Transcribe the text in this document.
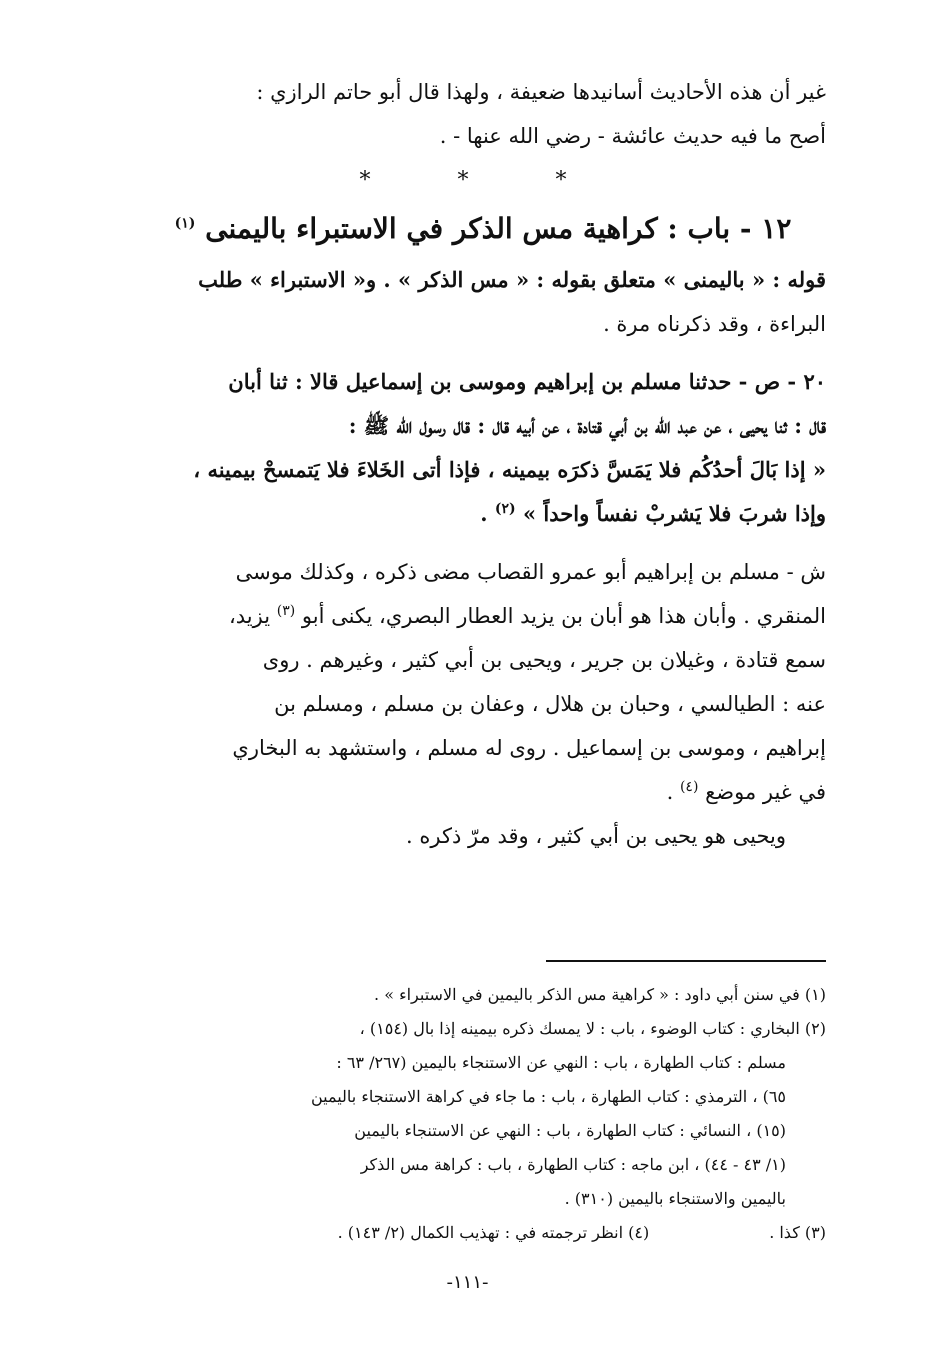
غير أن هذه الأحاديث أسانيدها ضعيفة ، ولهذا قال أبو حاتم الرازي :
أصح ما فيه حديث عائشة - رضي الله عنها - .

* * *
١٢ - باب : كراهية مس الذكر في الاستبراء باليمنى $^{(١)}$

قوله : « باليمنى » متعلق بقوله : « مس الذكر » . و« الاستبراء » طلب
البراءة ، وقد ذكرناه مرة .

٢٠ - ص - حدثنا مسلم بن إبراهيم وموسى بن إسماعيل قالا : ثنا أبان
قال : ثنا يحيى ، عن عبد الله بن أبي قتادة ، عن أبيه قال : قال رسول الله ﷺ :
« إذا بَالَ أحدُكُم فلا يَمَسَّ ذكرَه بيمينه ، فإذا أتى الخَلاءَ فلا يَتمسحْ بيمينه ،
وإذا شربَ فلا يَشربْ نفساً واحداً » $^{(٢)}$ .

ش - مسلم بن إبراهيم أبو عمرو القصاب مضى ذكره ، وكذلك موسى
المنقري . وأبان هذا هو أبان بن يزيد العطار البصري، يكنى أبو $^{(٣)}$ يزيد،
سمع قتادة ، وغيلان بن جرير ، ويحيى بن أبي كثير ، وغيرهم . روى
عنه : الطيالسي ، وحبان بن هلال ، وعفان بن مسلم ، ومسلم بن
إبراهيم ، وموسى بن إسماعيل . روى له مسلم ، واستشهد به البخاري
في غير موضع $^{(٤)}$ .

ويحيى هو يحيى بن أبي كثير ، وقد مرّ ذكره .

(١) في سنن أبي داود : « كراهية مس الذكر باليمين في الاستبراء » .

(٢) البخاري : كتاب الوضوء ، باب : لا يمسك ذكره بيمينه إذا بال (١٥٤) ،

مسلم : كتاب الطهارة ، باب : النهي عن الاستنجاء باليمين (٢٦٧/ ٦٣ :

٦٥) ، الترمذي : كتاب الطهارة ، باب : ما جاء في كراهة الاستنجاء باليمين

(١٥) ، النسائي : كتاب الطهارة ، باب : النهي عن الاستنجاء باليمين

(١/ ٤٣ - ٤٤) ، ابن ماجه : كتاب الطهارة ، باب : كراهة مس الذكر

باليمين والاستنجاء باليمين (٣١٠) .

(٣) كذا .
(٤) انظر ترجمته في : تهذيب الكمال (٢/ ١٤٣) .
-١١١-
